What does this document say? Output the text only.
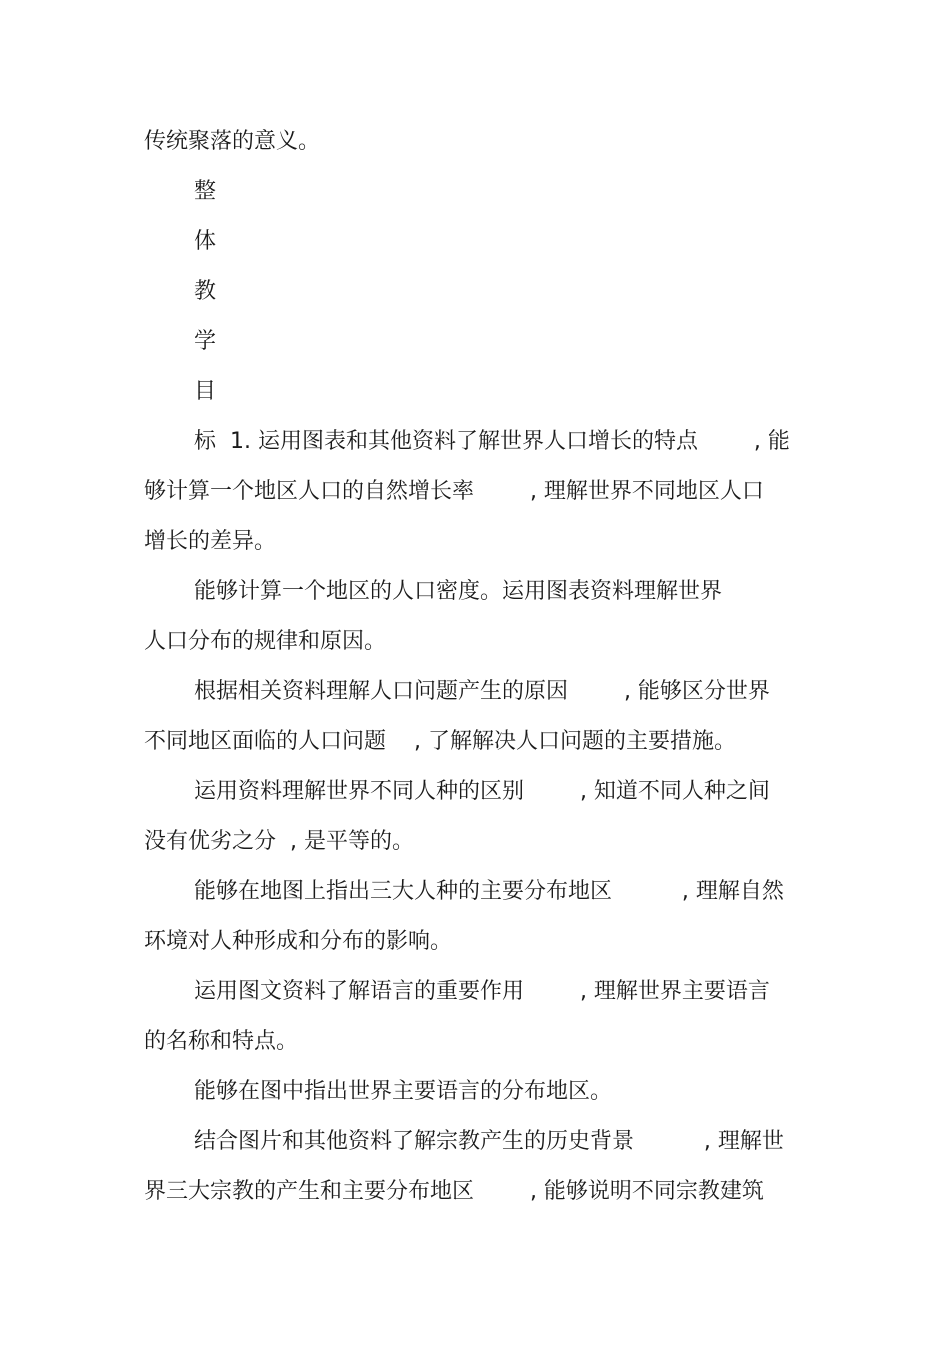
传统聚落的意义。
整
体
教
学
目
标  1. 运用图表和其他资料了解世界人口增长的特点        , 能
够计算一个地区人口的自然增长率        , 理解世界不同地区人口
增长的差异。
能够计算一个地区的人口密度。运用图表资料理解世界
人口分布的规律和原因。
根据相关资料理解人口问题产生的原因        , 能够区分世界
不同地区面临的人口问题    , 了解解决人口问题的主要措施。
运用资料理解世界不同人种的区别        , 知道不同人种之间
没有优劣之分  , 是平等的。
能够在地图上指出三大人种的主要分布地区          , 理解自然
环境对人种形成和分布的影响。
运用图文资料了解语言的重要作用        , 理解世界主要语言
的名称和特点。
能够在图中指出世界主要语言的分布地区。
结合图片和其他资料了解宗教产生的历史背景          , 理解世
界三大宗教的产生和主要分布地区        , 能够说明不同宗教建筑
